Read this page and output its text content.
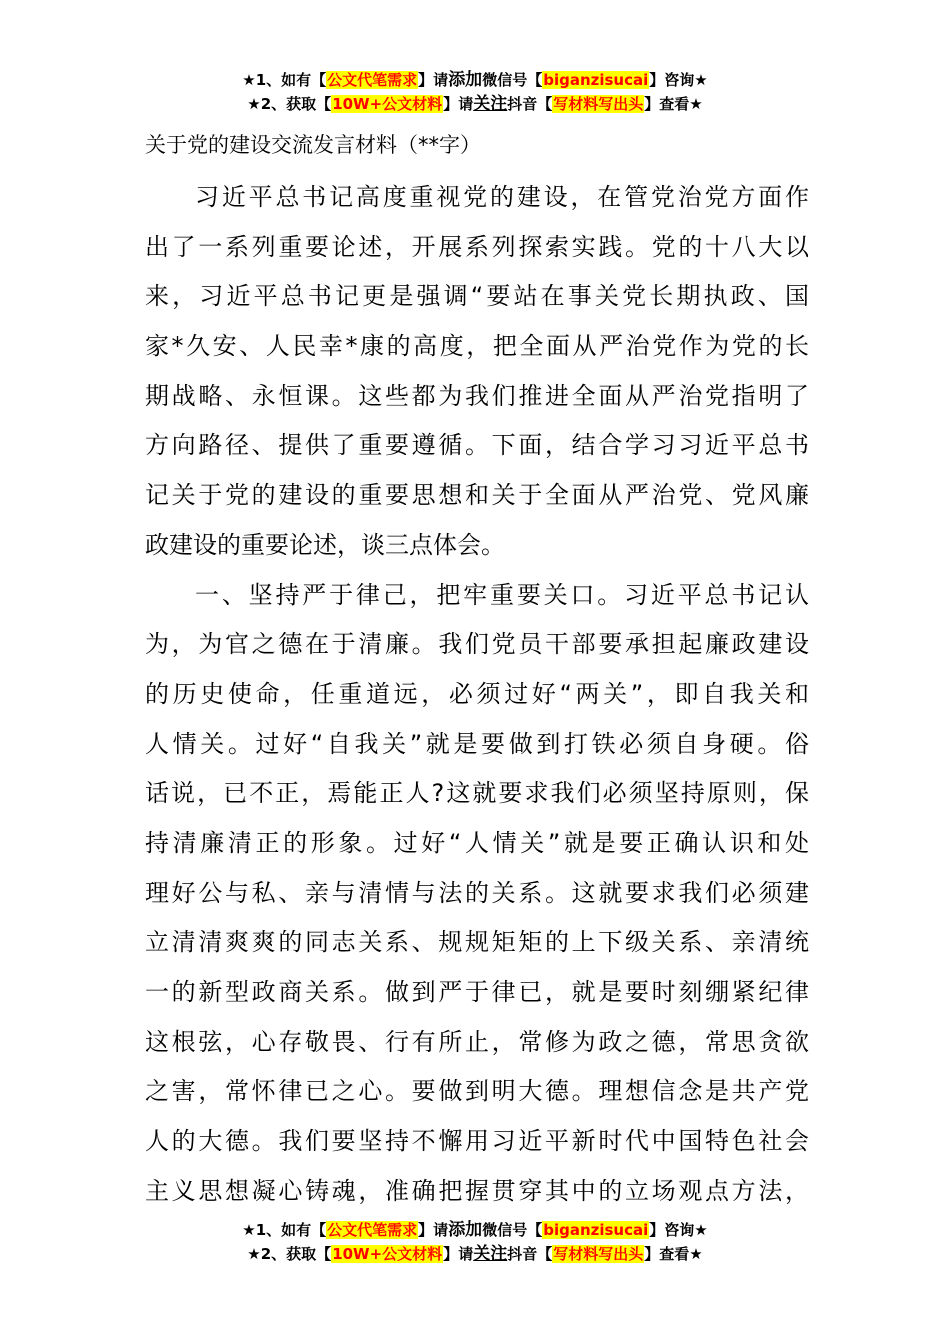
★1、如有【公文代笔需求】请添加微信号【biganzisucai】咨询★
★2、获取【10W+公文材料】请关注抖音【写材料写出头】查看★
关于党的建设交流发言材料（**字）
习近平总书记高度重视党的建设，在管党治党方面作
出了一系列重要论述，开展系列探索实践。党的十八大以
来，习近平总书记更是强调“要站在事关党长期执政、国
家*久安、人民幸*康的高度，把全面从严治党作为党的长
期战略、永恒课。这些都为我们推进全面从严治党指明了
方向路径、提供了重要遵循。下面，结合学习习近平总书
记关于党的建设的重要思想和关于全面从严治党、党风廉
政建设的重要论述，谈三点体会。
一、坚持严于律己，把牢重要关口。习近平总书记认
为，为官之德在于清廉。我们党员干部要承担起廉政建设
的历史使命，任重道远，必须过好“两关”，即自我关和
人情关。过好“自我关”就是要做到打铁必须自身硬。俗
话说，已不正，焉能正人?这就要求我们必须坚持原则，保
持清廉清正的形象。过好“人情关”就是要正确认识和处
理好公与私、亲与清情与法的关系。这就要求我们必须建
立清清爽爽的同志关系、规规矩矩的上下级关系、亲清统
一的新型政商关系。做到严于律已，就是要时刻绷紧纪律
这根弦，心存敬畏、行有所止，常修为政之德，常思贪欲
之害，常怀律已之心。要做到明大德。理想信念是共产党
人的大德。我们要坚持不懈用习近平新时代中国特色社会
主义思想凝心铸魂，准确把握贯穿其中的立场观点方法，
★1、如有【公文代笔需求】请添加微信号【biganzisucai】咨询★
★2、获取【10W+公文材料】请关注抖音【写材料写出头】查看★
